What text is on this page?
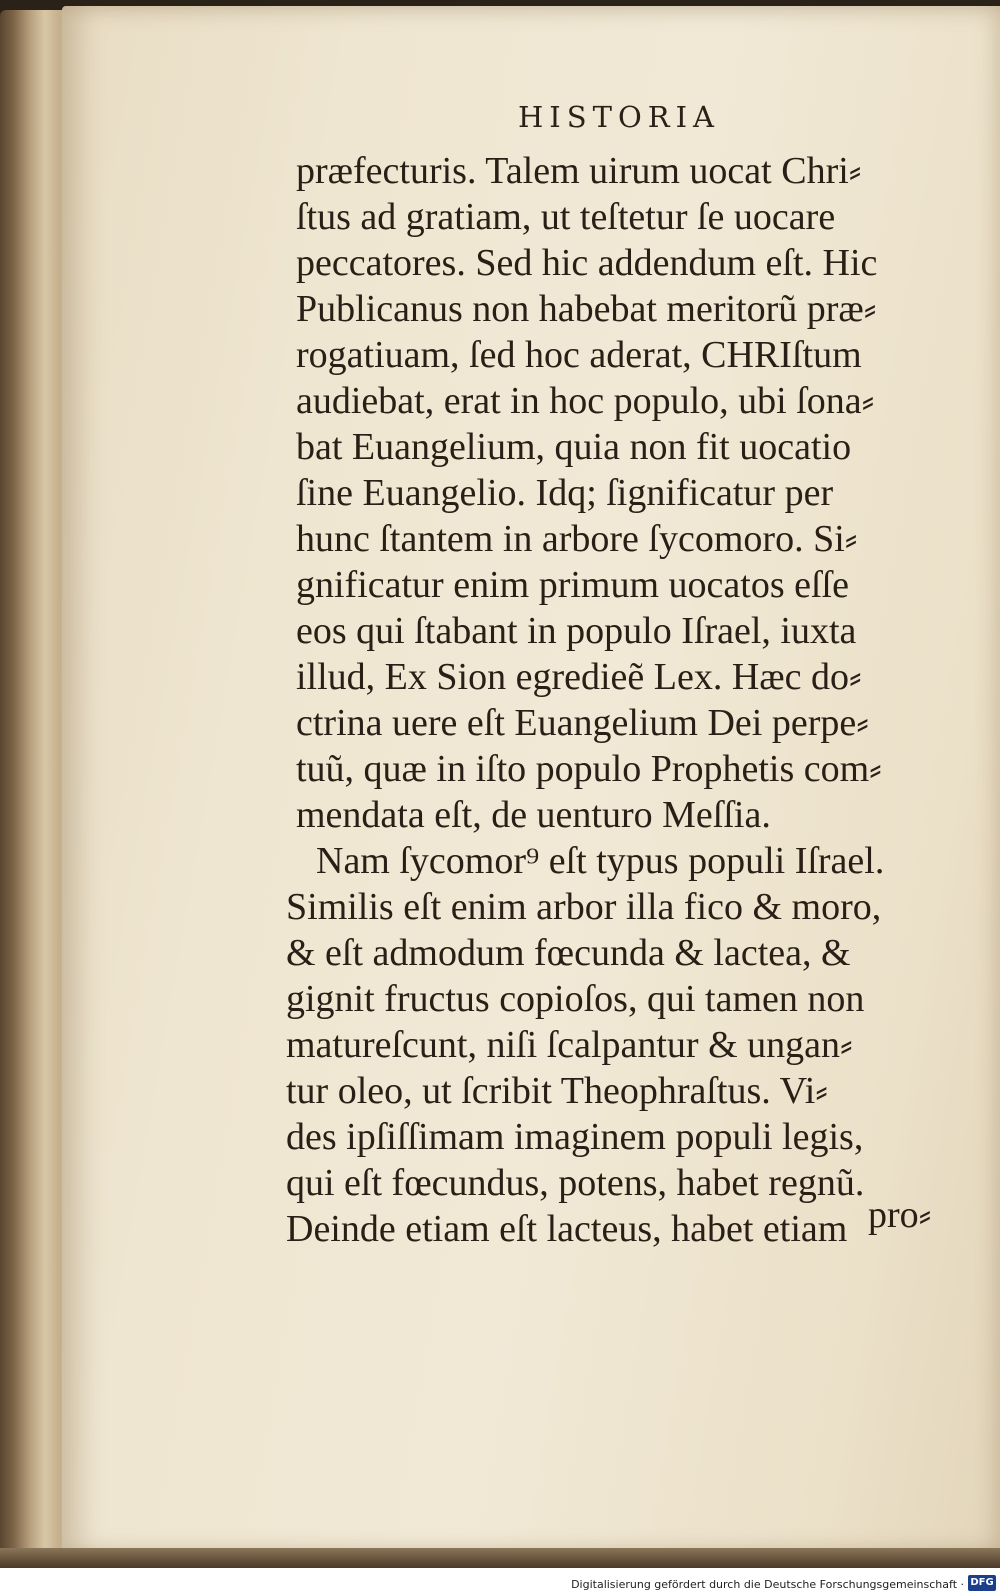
HISTORIA
præfecturis. Talem uirum uocat Chri⸗
ſtus ad gratiam, ut teſtetur ſe uocare
peccatores. Sed hic addendum eſt. Hic
Publicanus non habebat meritorũ præ⸗
rogatiuam, ſed hoc aderat, CHRIſtum
audiebat, erat in hoc populo, ubi ſona⸗
bat Euangelium, quia non fit uocatio
ſine Euangelio. Idq; ſignificatur per
hunc ſtantem in arbore ſycomoro. Si⸗
gnificatur enim primum uocatos eſſe
eos qui ſtabant in populo Iſrael, iuxta
illud, Ex Sion egredieẽ Lex. Hæc do⸗
ctrina uere eſt Euangelium Dei perpe⸗
tuũ, quæ in iſto populo Prophetis com⸗
mendata eſt, de uenturo Meſſia.
Nam ſycomor⁹ eſt typus populi Iſrael.
Similis eſt enim arbor illa fico & moro,
& eſt admodum fœcunda & lactea, &
gignit fructus copioſos, qui tamen non
matureſcunt, niſi ſcalpantur & ungan⸗
tur oleo, ut ſcribit Theophraſtus. Vi⸗
des ipſiſſimam imaginem populi legis,
qui eſt fœcundus, potens, habet regnũ.
Deinde etiam eſt lacteus, habet etiam pro⸗
Digitalisierung gefördert durch die Deutsche Forschungsgemeinschaft · DFG
